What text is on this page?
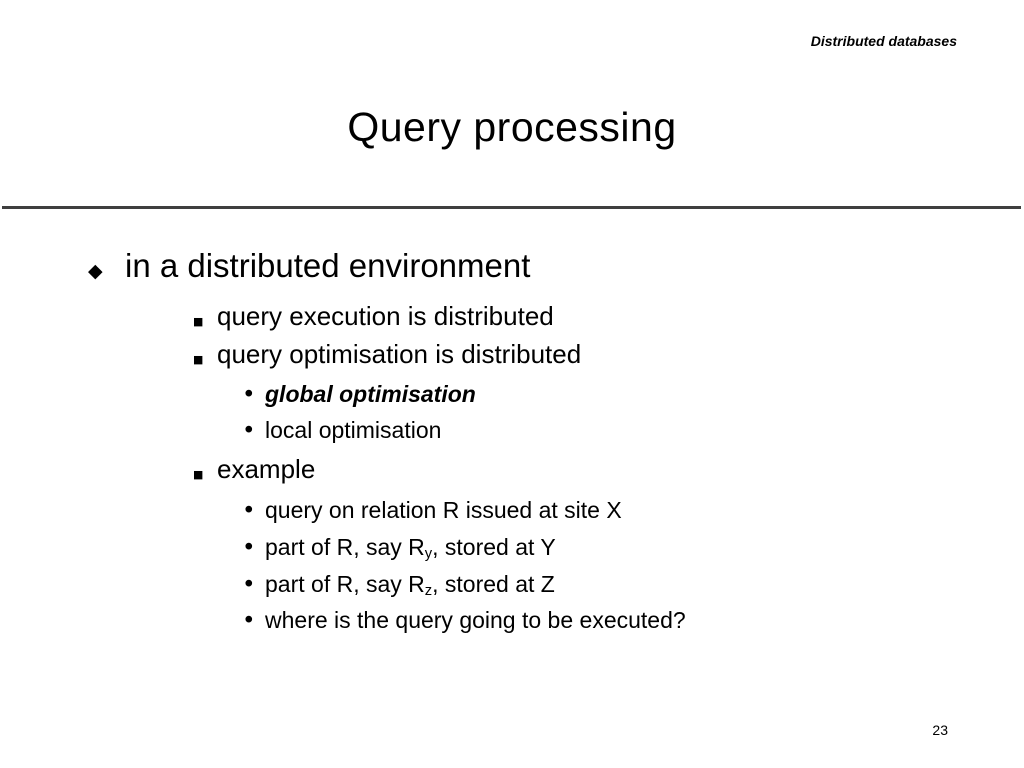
Distributed databases
Query processing
◆ in a distributed environment
■ query execution is distributed
■ query optimisation is distributed
• global optimisation
• local optimisation
■ example
• query on relation R issued at site X
• part of R, say $R_y$, stored at Y
• part of R, say $R_z$, stored at Z
• where is the query going to be executed?
23
